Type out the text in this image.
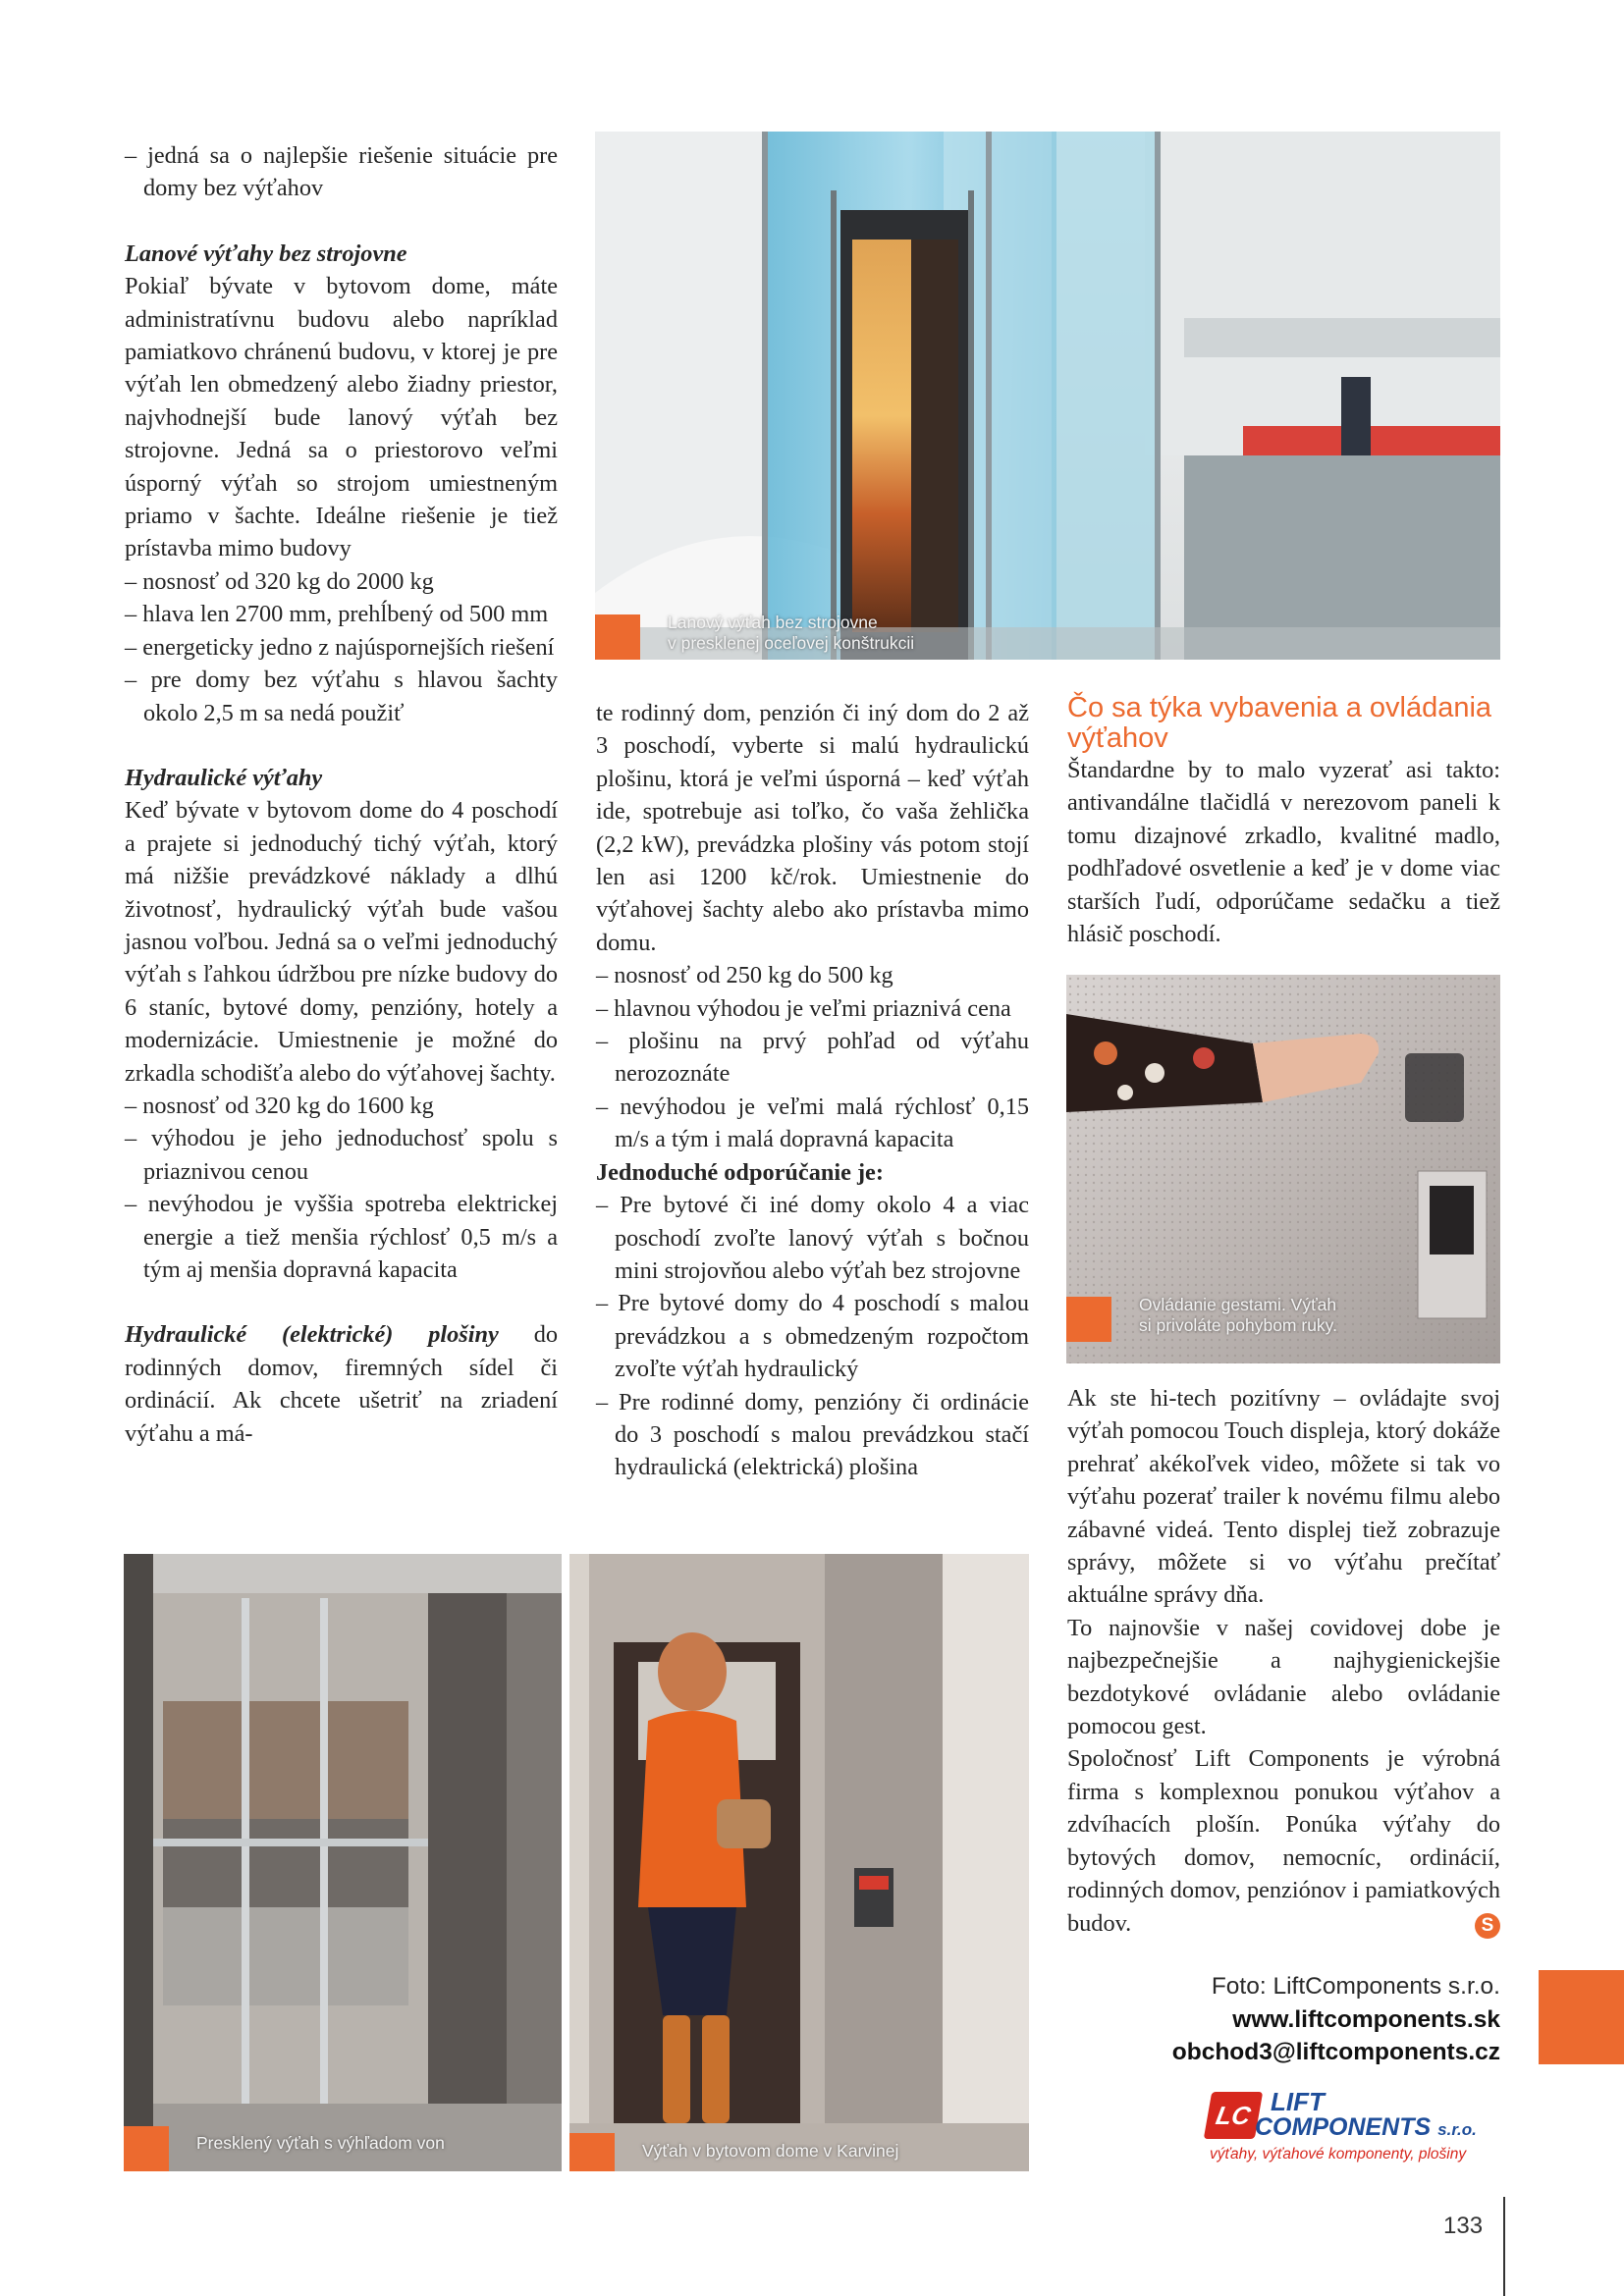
– jedná sa o najlepšie riešenie situácie pre domy bez výťahov

Lanové výťahy bez strojovne

Pokiaľ bývate v bytovom dome, máte administratívnu budovu alebo napríklad pamiatkovo chránenú budovu, v ktorej je pre výťah len obmedzený alebo žiadny priestor, najvhodnejší bude lanový výťah bez strojovne. Jedná sa o priestorovo veľmi úsporný výťah so strojom umiestneným priamo v šachte. Ideálne riešenie je tiež prístavba mimo budovy

– nosnosť od 320 kg do 2000 kg

– hlava len 2700 mm, prehĺbený od 500 mm

– energeticky jedno z najúspornejších riešení

– pre domy bez výťahu s hlavou šachty okolo 2,5 m sa nedá použiť

Hydraulické výťahy

Keď bývate v bytovom dome do 4 poschodí a prajete si jednoduchý tichý výťah, ktorý má nižšie prevádzkové náklady a dlhú životnosť, hydraulický výťah bude vašou jasnou voľbou. Jedná sa o veľmi jednoduchý výťah s ľahkou údržbou pre nízke budovy do 6 staníc, bytové domy, penzióny, hotely a modernizácie. Umiestnenie je možné do zrkadla schodišťa alebo do výťahovej šachty.

– nosnosť od 320 kg do 1600 kg

– výhodou je jeho jednoduchosť spolu s priaznivou cenou

– nevýhodou je vyššia spotreba elektrickej energie a tiež menšia rýchlosť 0,5 m/s a tým aj menšia dopravná kapacita

Hydraulické (elektrické) plošiny do rodinných domov, firemných sídel či ordinácií. Ak chcete ušetriť na zriadení výťahu a má-

te rodinný dom, penzión či iný dom do 2 až 3 poschodí, vyberte si malú hydraulickú plošinu, ktorá je veľmi úsporná – keď výťah ide, spotrebuje asi toľko, čo vaša žehlička (2,2 kW), prevádzka plošiny vás potom stojí len asi 1200 kč/rok. Umiestnenie do výťahovej šachty alebo ako prístavba mimo domu.

– nosnosť od 250 kg do 500 kg

– hlavnou výhodou je veľmi priaznivá cena

– plošinu na prvý pohľad od výťahu nerozoznáte

– nevýhodou je veľmi malá rýchlosť 0,15 m/s a tým i malá dopravná kapacita

Jednoduché odporúčanie je:

– Pre bytové či iné domy okolo 4 a viac poschodí zvoľte lanový výťah s bočnou mini strojovňou alebo výťah bez strojovne

– Pre bytové domy do 4 poschodí s malou prevádzkou a s obmedzeným rozpočtom zvoľte výťah hydraulický

– Pre rodinné domy, penzióny či ordinácie do 3 poschodí s malou prevádzkou stačí hydraulická (elektrická) plošina

Čo sa týka vybavenia a ovládania výťahov

Štandardne by to malo vyzerať asi takto: antivandálne tlačidlá v nerezovom paneli k tomu dizajnové zrkadlo, kvalitné madlo, podhľadové osvetlenie a keď je v dome viac starších ľudí, odporúčame sedačku a tiež hlásič poschodí.

Ak ste hi-tech pozitívny – ovládajte svoj výťah pomocou Touch displeja, ktorý dokáže prehrať akékoľvek video, môžete si tak vo výťahu pozerať trailer k novému filmu alebo zábavné videá. Tento displej tiež zobrazuje správy, môžete si vo výťahu prečítať aktuálne správy dňa.

To najnovšie v našej covidovej dobe je najbezpečnejšie a najhygienickejšie bezdotykové ovládanie alebo ovládanie pomocou gest.

Spoločnosť Lift Components je výrobná firma s komplexnou ponukou výťahov a zdvíhacích plošín. Ponúka výťahy do bytových domov, nemocníc, ordinácií, rodinných domov, penziónov i pamiatkových budov.	S
Lanový výťah bez strojovne
v presklenej oceľovej konštrukcii
Ovládanie gestami. Výťah
si privoláte pohybom ruky.
Presklený výťah s výhľadom von	Výťah v bytovom dome v Karvinej
Foto: LiftComponents s.r.o.
www.liftcomponents.sk
obchod3@liftcomponents.cz
LC LIFT
COMPONENTS s.r.o.
výťahy, výťahové komponenty, plošiny
133
